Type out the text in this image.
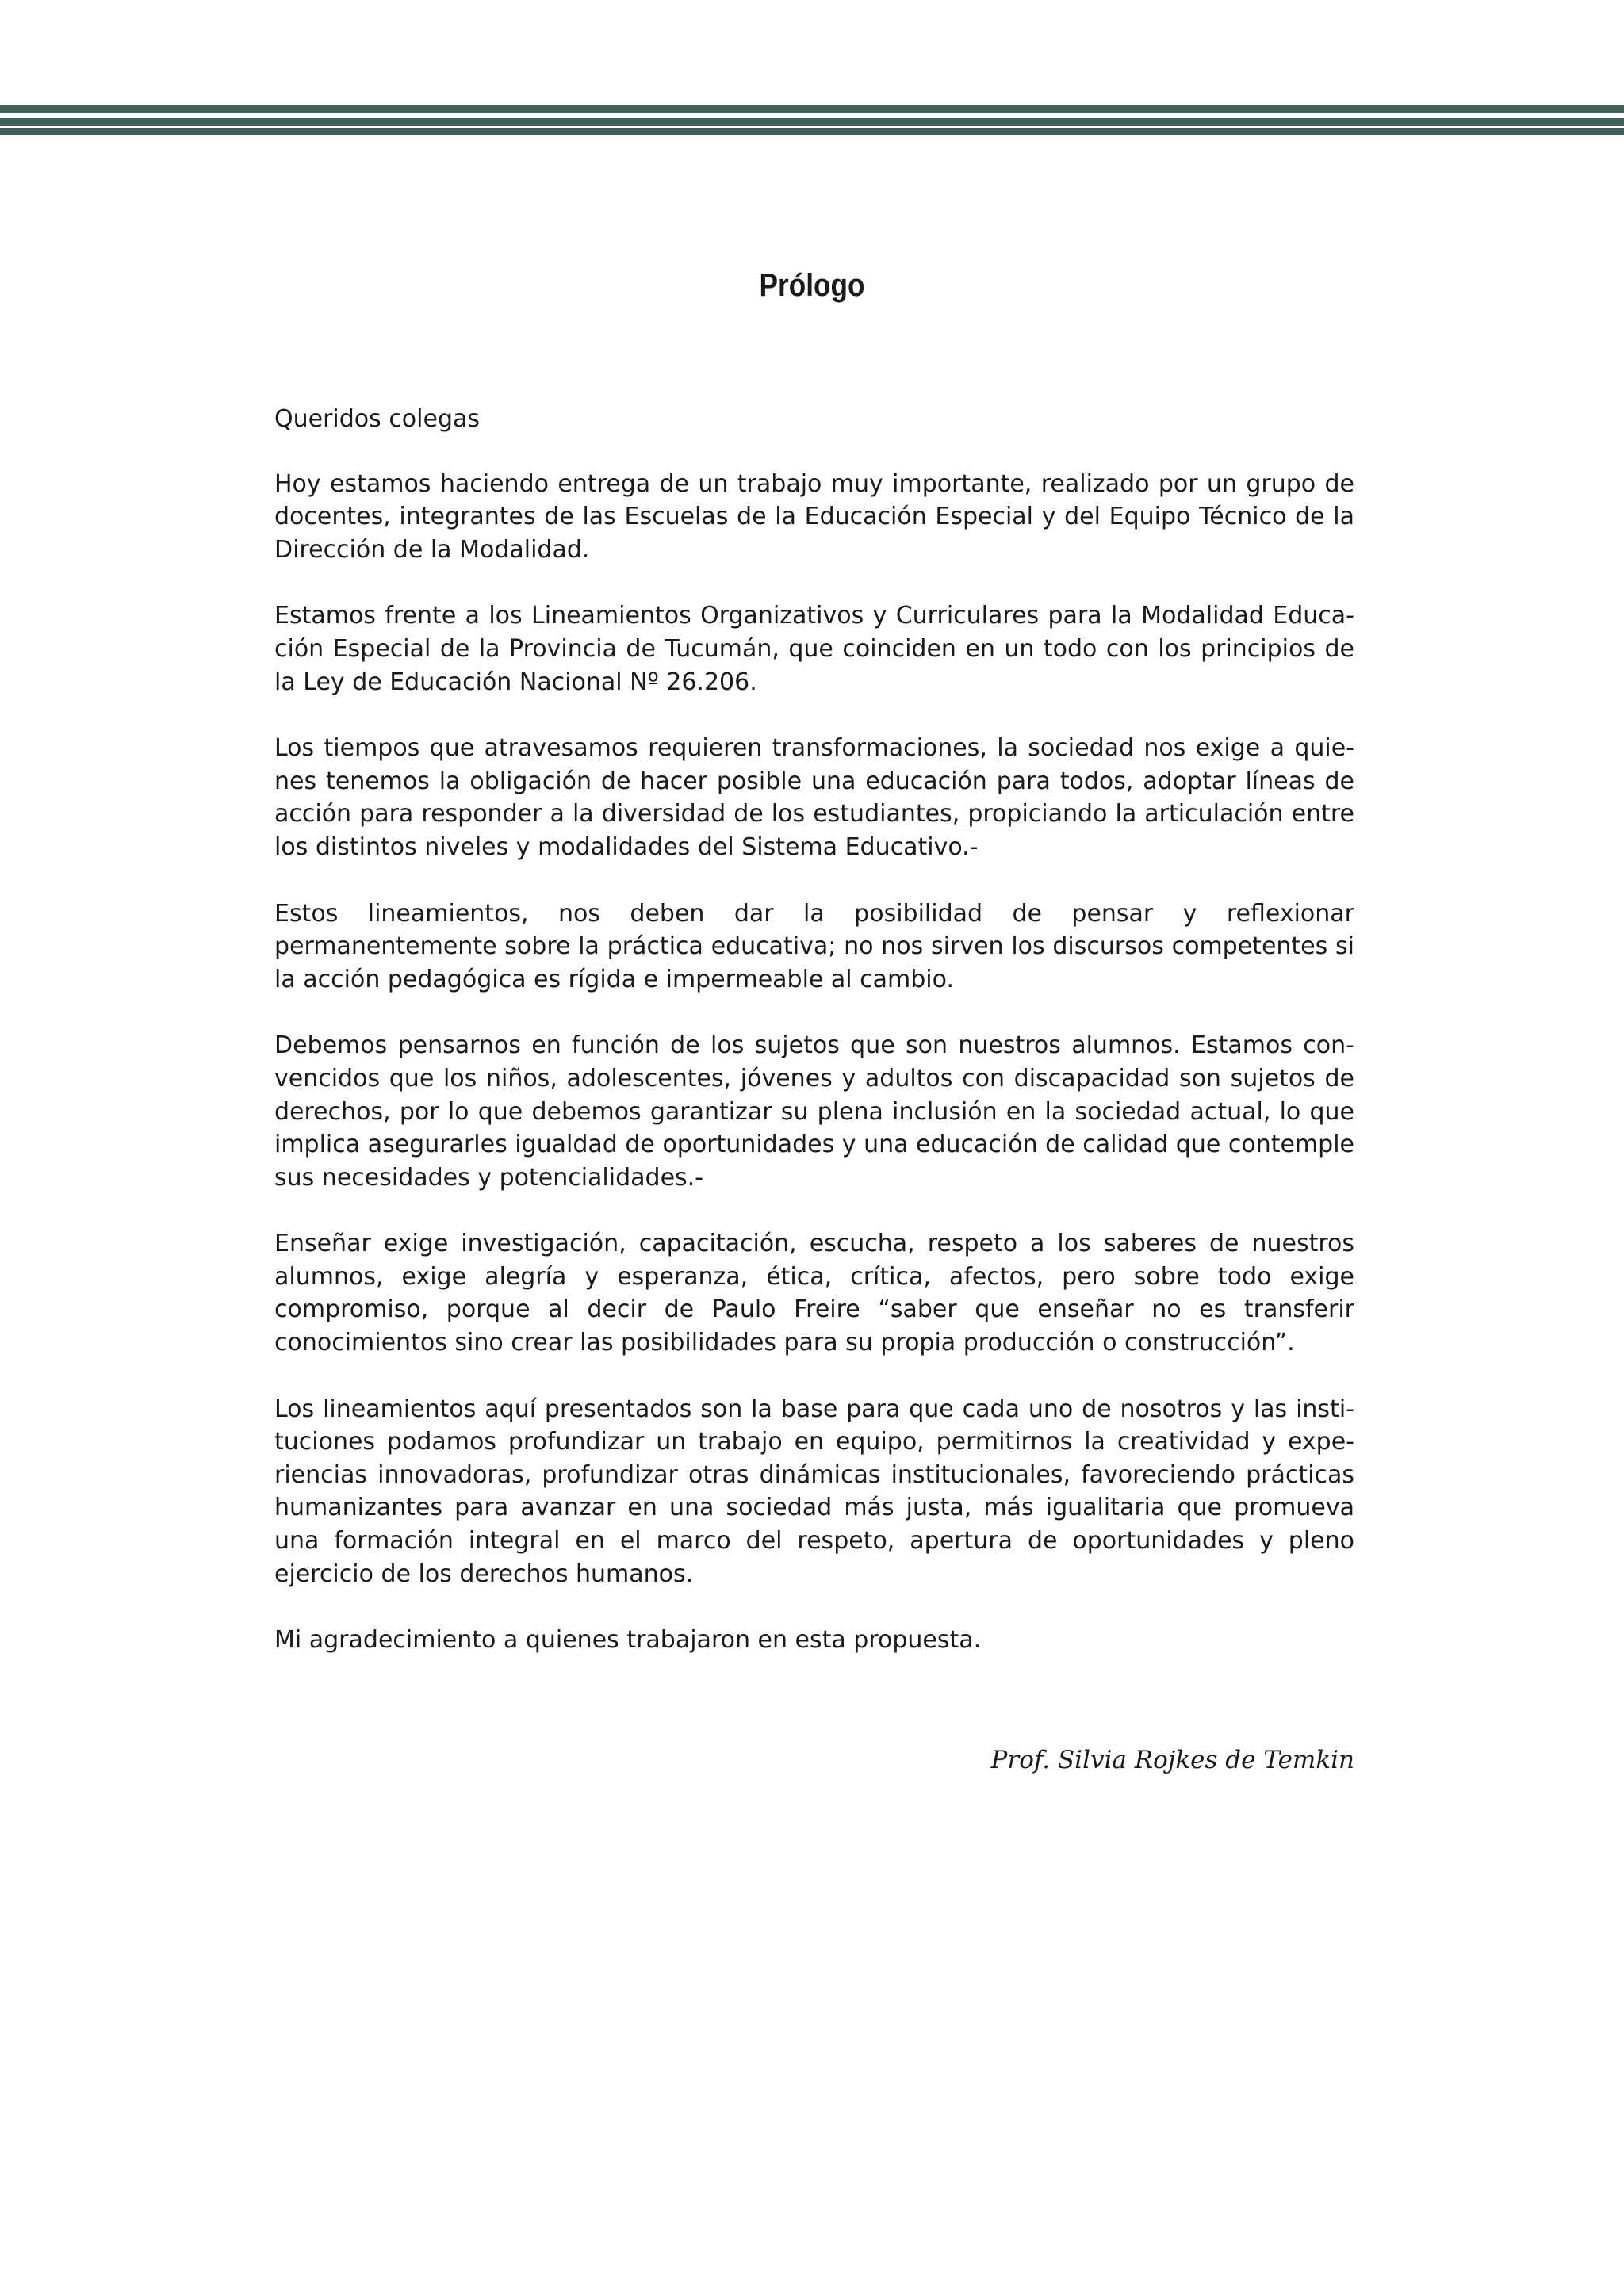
Prólogo

Queridos colegas

Hoy estamos haciendo entrega de un trabajo muy importante, realizado por un grupo de docentes, integrantes de las Escuelas de la Educación Especial y del Equipo Técnico de la Dirección de la Modalidad.

Estamos frente a los Lineamientos Organizativos y Curriculares para la Modalidad Educación Especial de la Provincia de Tucumán, que coinciden en un todo con los principios de la Ley de Educación Nacional Nº 26.206.

Los tiempos que atravesamos requieren transformaciones, la sociedad nos exige a quienes tenemos la obligación de hacer posible una educación para todos, adoptar líneas de acción para responder a la diversidad de los estudiantes, propiciando la articulación entre los distintos niveles y modalidades del Sistema Educativo.-

Estos lineamientos, nos deben dar la posibilidad de pensar y reflexionar permanentemente sobre la práctica educativa; no nos sirven los discursos competentes si la acción pedagógica es rígida e impermeable al cambio.

Debemos pensarnos en función de los sujetos que son nuestros alumnos. Estamos convencidos que los niños, adolescentes, jóvenes y adultos con discapacidad son sujetos de derechos, por lo que debemos garantizar su plena inclusión en la sociedad actual, lo que implica asegurarles igualdad de oportunidades y una educación de calidad que contemple sus necesidades y potencialidades.-

Enseñar exige investigación, capacitación, escucha, respeto a los saberes de nuestros alumnos, exige alegría y esperanza, ética, crítica, afectos, pero sobre todo exige compromiso, porque al decir de Paulo Freire “saber que enseñar no es transferir conocimientos sino crear las posibilidades para su propia producción o construcción”.

Los lineamientos aquí presentados son la base para que cada uno de nosotros y las instituciones podamos profundizar un trabajo en equipo, permitirnos la creatividad y experiencias innovadoras, profundizar otras dinámicas institucionales, favoreciendo prácticas humanizantes para avanzar en una sociedad más justa, más igualitaria que promueva una formación integral en el marco del respeto, apertura de oportunidades y pleno ejercicio de los derechos humanos.

Mi agradecimiento a quienes trabajaron en esta propuesta.

Prof. Silvia Rojkes de Temkin
